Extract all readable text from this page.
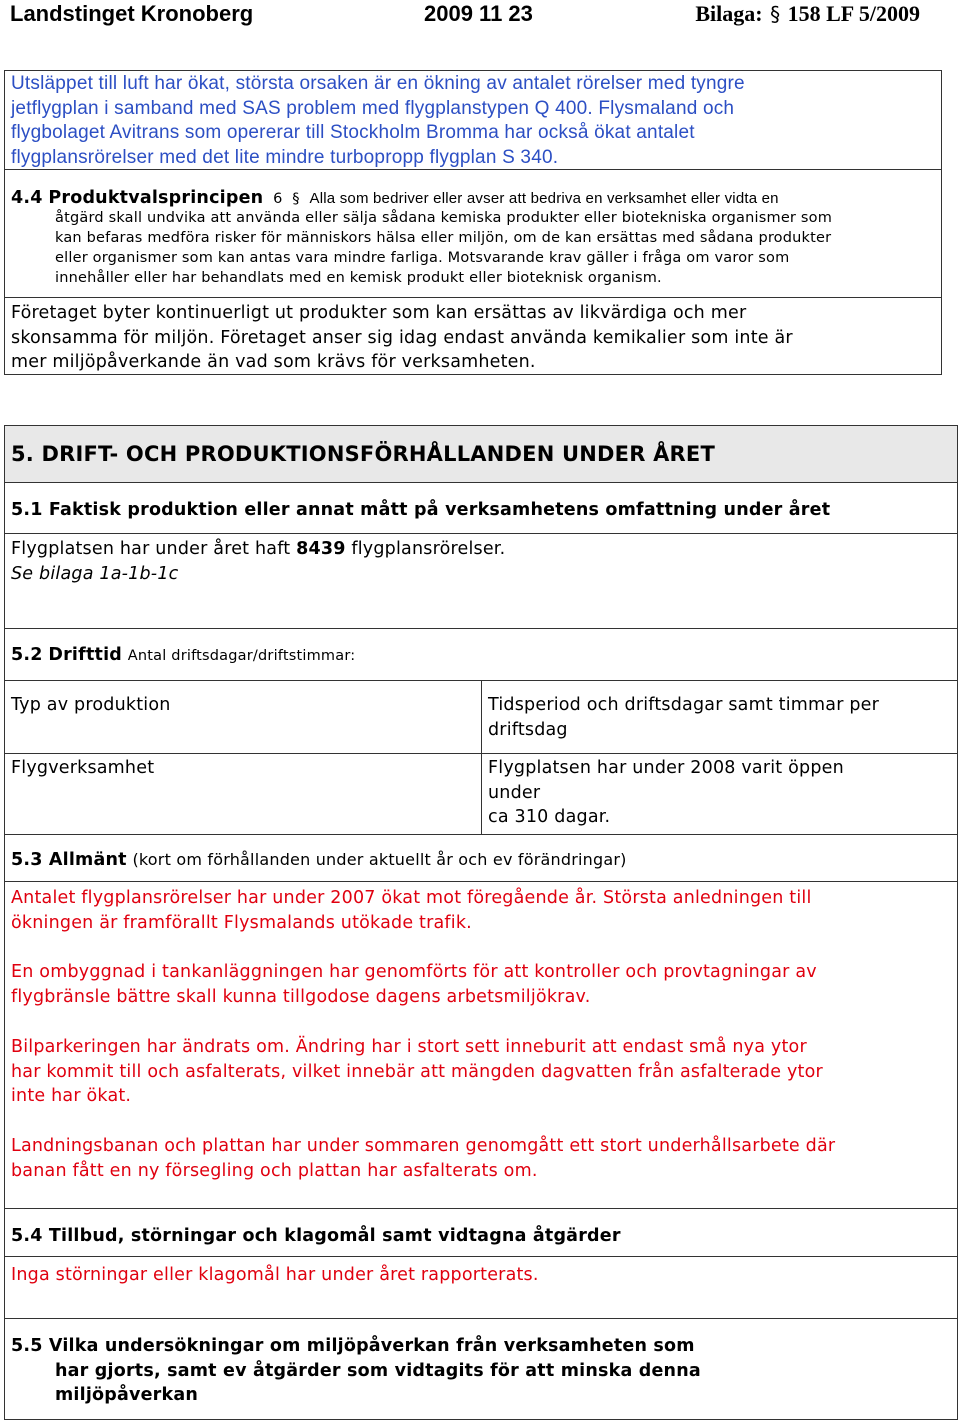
Landstinget Kronoberg	2009 11 23	Bilaga: § 158 LF 5/2009
Utsläppet till luft har ökat, största orsaken är en ökning av antalet rörelser med tyngre
jetflygplan i samband med SAS problem med flygplanstypen Q 400. Flysmaland och
flygbolaget Avitrans som opererar till Stockholm Bromma har också ökat antalet
flygplansrörelser med det lite mindre turbopropp flygplan S 340.
4.4 Produktvalsprincipen 6 § Alla som bedriver eller avser att bedriva en verksamhet eller vidta en
åtgärd skall undvika att använda eller sälja sådana kemiska produkter eller biotekniska organismer som
kan befaras medföra risker för människors hälsa eller miljön, om de kan ersättas med sådana produkter
eller organismer som kan antas vara mindre farliga. Motsvarande krav gäller i fråga om varor som
innehåller eller har behandlats med en kemisk produkt eller bioteknisk organism.
Företaget byter kontinuerligt ut produkter som kan ersättas av likvärdiga och mer
skonsamma för miljön. Företaget anser sig idag endast använda kemikalier som inte är
mer miljöpåverkande än vad som krävs för verksamheten.
5. DRIFT- OCH PRODUKTIONSFÖRHÅLLANDEN UNDER ÅRET
5.1 Faktisk produktion eller annat mått på verksamhetens omfattning under året
Flygplatsen har under året haft 8439 flygplansrörelser.
Se bilaga 1a-1b-1c
5.2 Drifttid Antal driftsdagar/driftstimmar:
Typ av produktion	Tidsperiod och driftsdagar samt timmar per
driftsdag
Flygverksamhet	Flygplatsen har under 2008 varit öppen
under
ca 310 dagar.
5.3 Allmänt (kort om förhållanden under aktuellt år och ev förändringar)
Antalet flygplansrörelser har under 2007 ökat mot föregående år. Största anledningen till
ökningen är framförallt Flysmalands utökade trafik.
En ombyggnad i tankanläggningen har genomförts för att kontroller och provtagningar av
flygbränsle bättre skall kunna tillgodose dagens arbetsmiljökrav.
Bilparkeringen har ändrats om. Ändring har i stort sett inneburit att endast små nya ytor
har kommit till och asfalterats, vilket innebär att mängden dagvatten från asfalterade ytor
inte har ökat.
Landningsbanan och plattan har under sommaren genomgått ett stort underhållsarbete där
banan fått en ny försegling och plattan har asfalterats om.
5.4 Tillbud, störningar och klagomål samt vidtagna åtgärder
Inga störningar eller klagomål har under året rapporterats.
5.5 Vilka undersökningar om miljöpåverkan från verksamheten som
har gjorts, samt ev åtgärder som vidtagits för att minska denna
miljöpåverkan
